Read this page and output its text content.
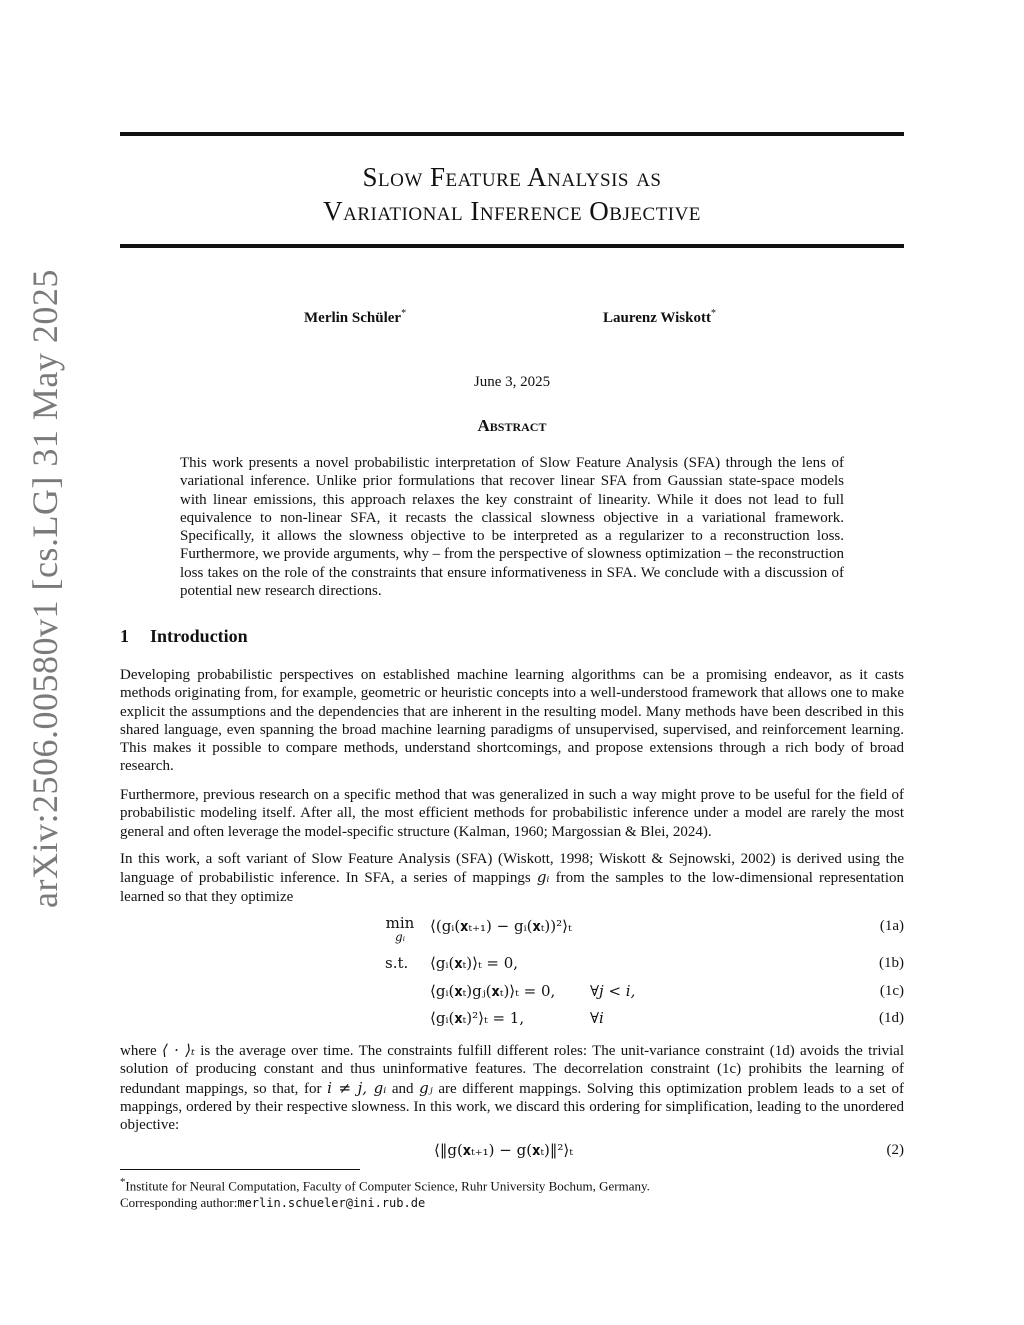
arXiv:2506.00580v1 [cs.LG] 31 May 2025
Slow Feature Analysis as
Variational Inference Objective
Merlin Schüler*	Laurenz Wiskott*
June 3, 2025
Abstract
This work presents a novel probabilistic interpretation of Slow Feature Analysis (SFA) through the lens of variational inference. Unlike prior formulations that recover linear SFA from Gaussian state-space models with linear emissions, this approach relaxes the key constraint of linearity. While it does not lead to full equivalence to non-linear SFA, it recasts the classical slowness objective in a variational framework. Specifically, it allows the slowness objective to be interpreted as a regularizer to a reconstruction loss. Furthermore, we provide arguments, why – from the perspective of slowness optimization – the reconstruction loss takes on the role of the constraints that ensure informativeness in SFA. We conclude with a discussion of potential new research directions.
1 Introduction
Developing probabilistic perspectives on established machine learning algorithms can be a promising endeavor, as it casts methods originating from, for example, geometric or heuristic concepts into a well-understood framework that allows one to make explicit the assumptions and the dependencies that are inherent in the resulting model. Many methods have been described in this shared language, even spanning the broad machine learning paradigms of unsupervised, supervised, and reinforcement learning. This makes it possible to compare methods, understand shortcomings, and propose extensions through a rich body of broad research.
Furthermore, previous research on a specific method that was generalized in such a way might prove to be useful for the field of probabilistic modeling itself. After all, the most efficient methods for probabilistic inference under a model are rarely the most general and often leverage the model-specific structure (Kalman, 1960; Margossian & Blei, 2024).
In this work, a soft variant of Slow Feature Analysis (SFA) (Wiskott, 1998; Wiskott & Sejnowski, 2002) is derived using the language of probabilistic inference. In SFA, a series of mappings gᵢ from the samples to the low-dimensional representation learned so that they optimize
min
gᵢ
⟨(gᵢ(𝐱ₜ₊₁) − gᵢ(𝐱ₜ))²⟩ₜ	(1a)
s.t. ⟨gᵢ(𝐱ₜ)⟩ₜ = 0,	(1b)
⟨gᵢ(𝐱ₜ)gⱼ(𝐱ₜ)⟩ₜ = 0, ∀j < i,	(1c)
⟨gᵢ(𝐱ₜ)²⟩ₜ = 1,	∀i	(1d)
where ⟨ · ⟩ₜ is the average over time. The constraints fulfill different roles: The unit-variance constraint (1d) avoids the trivial solution of producing constant and thus uninformative features. The decorrelation constraint (1c) prohibits the learning of redundant mappings, so that, for i ≠ j, gᵢ and gⱼ are different mappings. Solving this optimization problem leads to a set of mappings, ordered by their respective slowness. In this work, we discard this ordering for simplification, leading to the unordered objective:
⟨‖g(𝐱ₜ₊₁) − g(𝐱ₜ)‖²⟩ₜ	(2)
*Institute for Neural Computation, Faculty of Computer Science, Ruhr University Bochum, Germany.
Corresponding author:merlin.schueler@ini.rub.de
